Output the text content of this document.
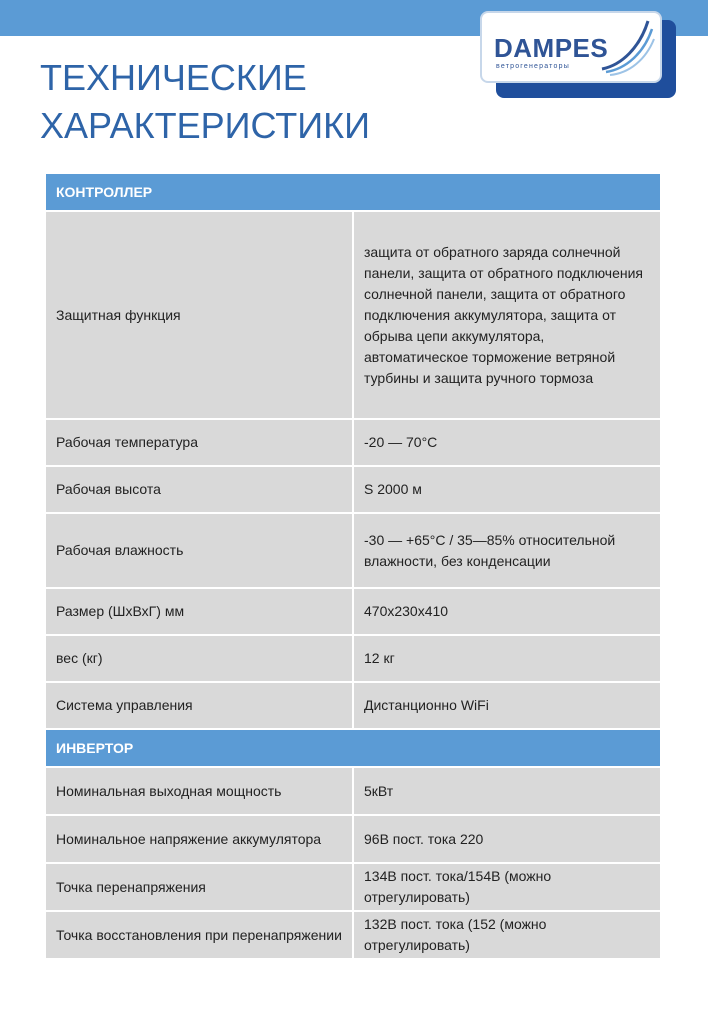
DAMPES
ветрогенераторы
ТЕХНИЧЕСКИЕ
ХАРАКТЕРИСТИКИ
КОНТРОЛЛЕР	
Защитная функция	защита от обратного заряда солнечной панели, защита от обратного подключения солнечной панели, защита от обратного подключения аккумулятора, защита от обрыва цепи аккумулятора, автоматическое торможение ветряной турбины и защита ручного тормоза
Рабочая температура	-20 — 70°C
Рабочая высота	S 2000 м
Рабочая влажность	-30 — +65°C / 35—85% относительной влажности, без конденсации
Размер (ШхВхГ) мм	470x230x410
вес (кг)	12 кг
Система управления	Дистанционно WiFi
ИНВЕРТОР	
Номинальная выходная мощность	5кВт
Номинальное напряжение аккумулятора	96В пост. тока 220
Точка перенапряжения	134В пост. тока/154В (можно отрегулировать)
Точка восстановления при перенапряжении	132В пост. тока (152 (можно отрегулировать)
